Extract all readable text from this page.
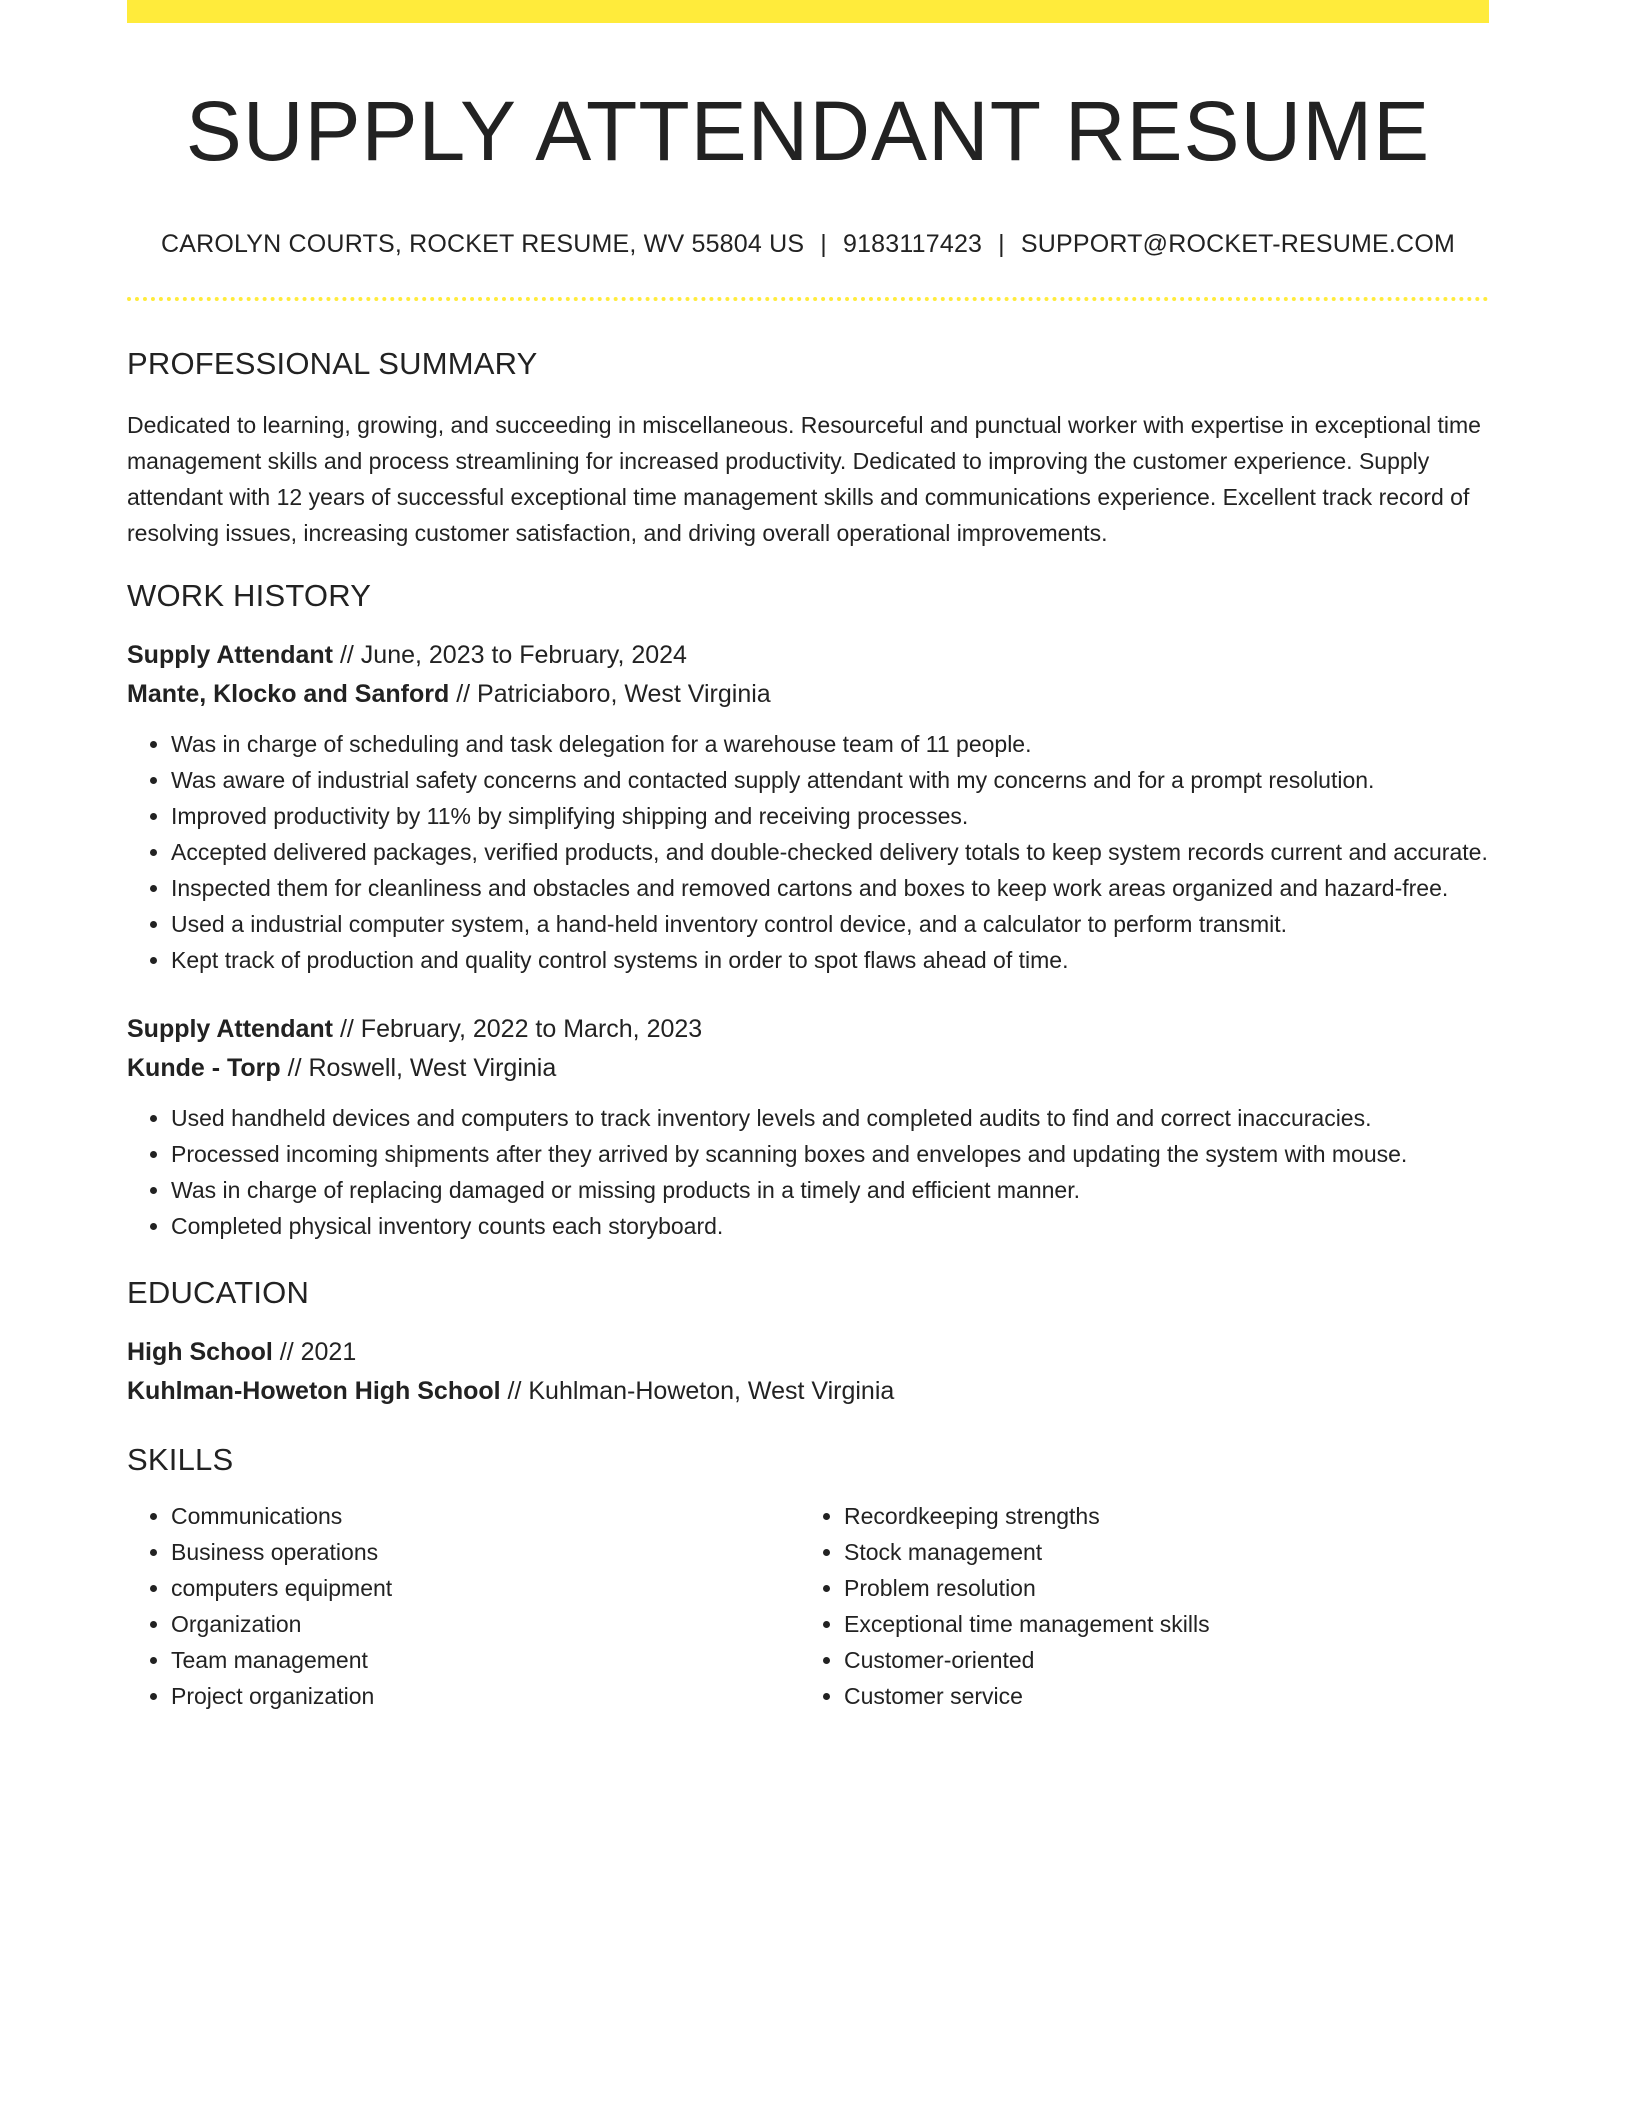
SUPPLY ATTENDANT RESUME
CAROLYN COURTS, ROCKET RESUME, WV 55804 US | 9183117423 | SUPPORT@ROCKET-RESUME.COM
PROFESSIONAL SUMMARY

Dedicated to learning, growing, and succeeding in miscellaneous. Resourceful and punctual worker with expertise in exceptional time management skills and process streamlining for increased productivity. Dedicated to improving the customer experience. Supply attendant with 12 years of successful exceptional time management skills and communications experience. Excellent track record of resolving issues, increasing customer satisfaction, and driving overall operational improvements.

WORK HISTORY

Supply Attendant // June, 2023 to February, 2024

Mante, Klocko and Sanford // Patriciaboro, West Virginia

• Was in charge of scheduling and task delegation for a warehouse team of 11 people.
• Was aware of industrial safety concerns and contacted supply attendant with my concerns and for a prompt resolution.
• Improved productivity by 11% by simplifying shipping and receiving processes.
• Accepted delivered packages, verified products, and double-checked delivery totals to keep system records current and accurate.
• Inspected them for cleanliness and obstacles and removed cartons and boxes to keep work areas organized and hazard-free.
• Used a industrial computer system, a hand-held inventory control device, and a calculator to perform transmit.
• Kept track of production and quality control systems in order to spot flaws ahead of time.

Supply Attendant // February, 2022 to March, 2023

Kunde - Torp // Roswell, West Virginia

• Used handheld devices and computers to track inventory levels and completed audits to find and correct inaccuracies.
• Processed incoming shipments after they arrived by scanning boxes and envelopes and updating the system with mouse.
• Was in charge of replacing damaged or missing products in a timely and efficient manner.
• Completed physical inventory counts each storyboard.
EDUCATION

High School // 2021

Kuhlman-Howeton High School // Kuhlman-Howeton, West Virginia

SKILLS
• Communications
• Business operations
• computers equipment
• Organization
• Team management
• Project organization
• Recordkeeping strengths
• Stock management
• Problem resolution
• Exceptional time management skills
• Customer-oriented
• Customer service
